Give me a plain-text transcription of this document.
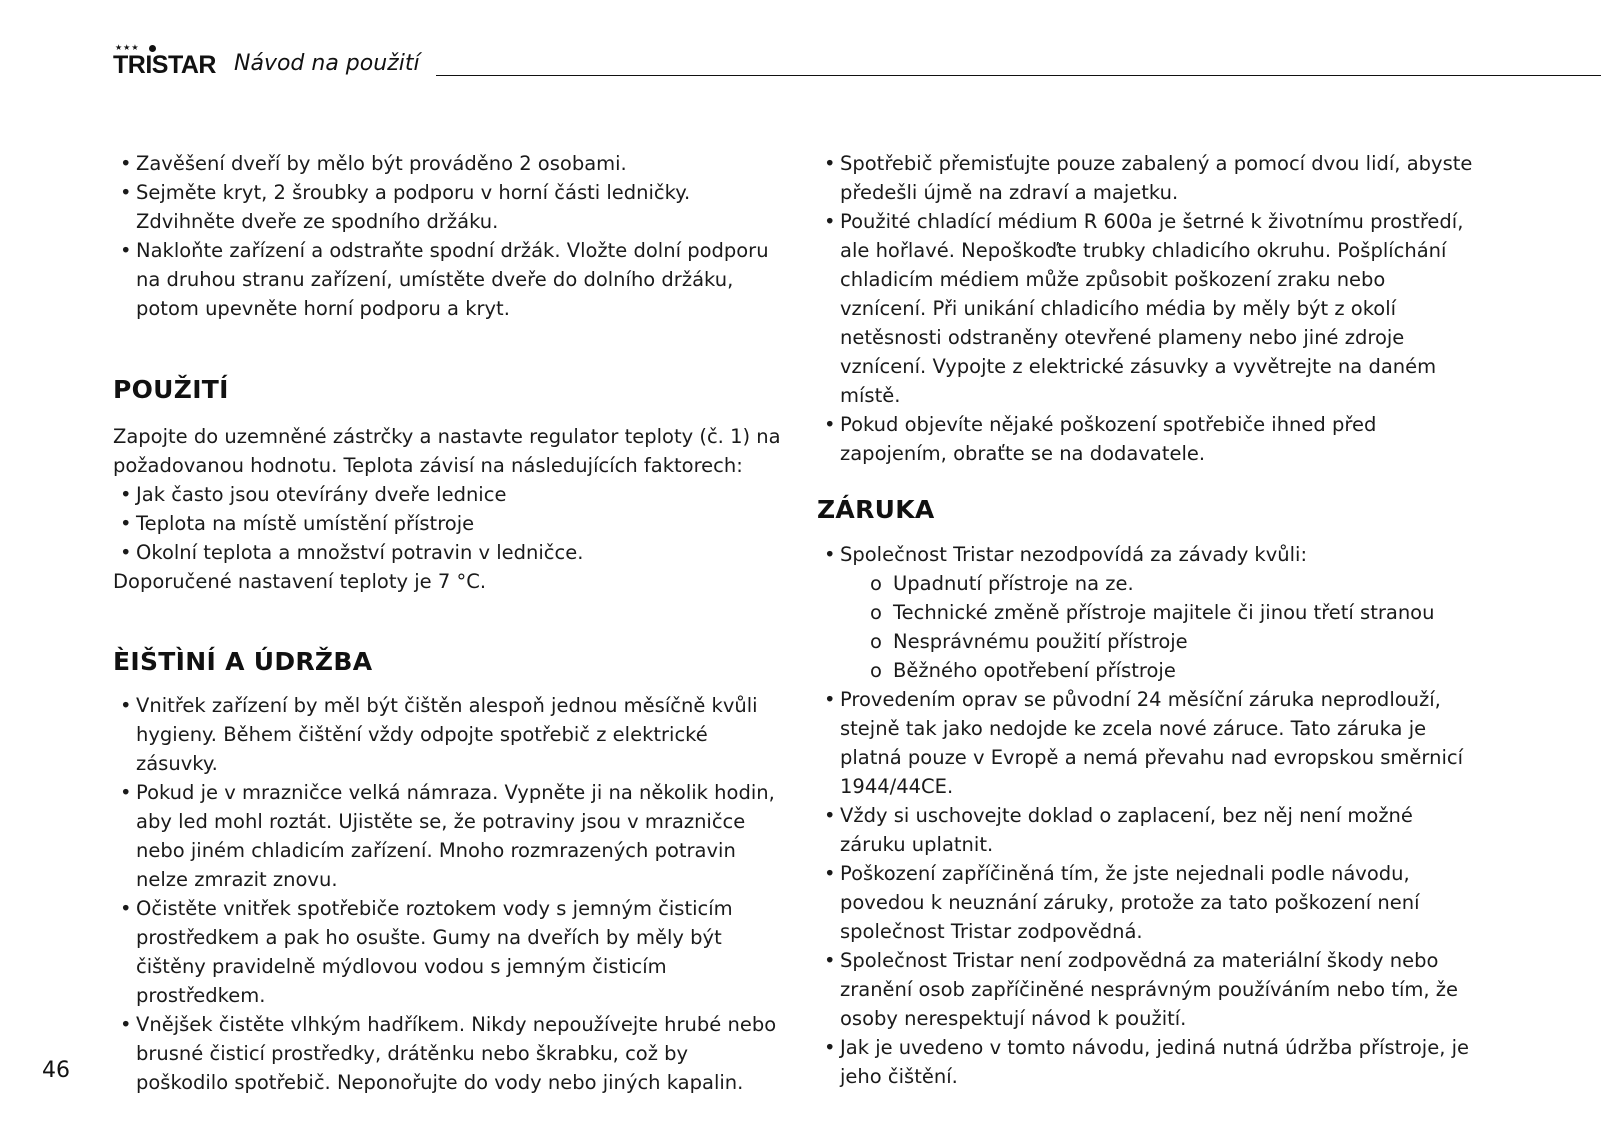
★★★
TRISTAR Návod na použití
• Zavěšení dveří by mělo být prováděno 2 osobami.
• Sejměte kryt, 2 šroubky a podporu v horní části ledničky. Zdvihněte dveře ze spodního držáku.
• Nakloňte zařízení a odstraňte spodní držák. Vložte dolní podporu na druhou stranu zařízení, umístěte dveře do dolního držáku, potom upevněte horní podporu a kryt.
POUŽITÍ

Zapojte do uzemněné zástrčky a nastavte regulator teploty (č. 1) na požadovanou hodnotu. Teplota závisí na následujících faktorech:

• Jak často jsou otevírány dveře lednice
• Teplota na místě umístění přístroje
• Okolní teplota a množství potravin v ledničce.

Doporučené nastavení teploty je 7 °C.

ÈIŠTÌNÍ A ÚDRŽBA
• Vnitřek zařízení by měl být čištěn alespoň jednou měsíčně kvůli hygieny. Během čištění vždy odpojte spotřebič z elektrické zásuvky.
• Pokud je v mrazničce velká námraza. Vypněte ji na několik hodin, aby led mohl roztát. Ujistěte se, že potraviny jsou v mrazničce nebo jiném chladicím zařízení. Mnoho rozmrazených potravin nelze zmrazit znovu.
• Očistěte vnitřek spotřebiče roztokem vody s jemným čisticím prostředkem a pak ho osušte. Gumy na dveřích by měly být čištěny pravidelně mýdlovou vodou s jemným čisticím prostředkem.
• Vnějšek čistěte vlhkým hadříkem. Nikdy nepoužívejte hrubé nebo brusné čisticí prostředky, drátěnku nebo škrabku, což by poškodilo spotřebič. Neponořujte do vody nebo jiných kapalin.
• Spotřebič přemisťujte pouze zabalený a pomocí dvou lidí, abyste předešli újmě na zdraví a majetku.
• Použité chladící médium R 600a je šetrné k životnímu prostředí, ale hořlavé. Nepoškoďte trubky chladicího okruhu. Pošplíchání chladicím médiem může způsobit poškození zraku nebo vznícení. Při unikání chladicího média by měly být z okolí netěsnosti odstraněny otevřené plameny nebo jiné zdroje vznícení. Vypojte z elektrické zásuvky a vyvětrejte na daném místě.
• Pokud objevíte nějaké poškození spotřebiče ihned před zapojením, obraťte se na dodavatele.
ZÁRUKA
• Společnost Tristar nezodpovídá za závady kvůli:
o Upadnutí přístroje na ze.
o Technické změně přístroje majitele či jinou třetí stranou
o Nesprávnému použití přístroje
o Běžného opotřebení přístroje
• Provedením oprav se původní 24 měsíční záruka neprodlouží, stejně tak jako nedojde ke zcela nové záruce. Tato záruka je platná pouze v Evropě a nemá převahu nad evropskou směrnicí 1944/44CE.
• Vždy si uschovejte doklad o zaplacení, bez něj není možné záruku uplatnit.
• Poškození zapříčiněná tím, že jste nejednali podle návodu, povedou k neuznání záruky, protože za tato poškození není společnost Tristar zodpovědná.
• Společnost Tristar není zodpovědná za materiální škody nebo zranění osob zapříčiněné nesprávným používáním nebo tím, že osoby nerespektují návod k použití.
• Jak je uvedeno v tomto návodu, jediná nutná údržba přístroje, je jeho čištění.
46
